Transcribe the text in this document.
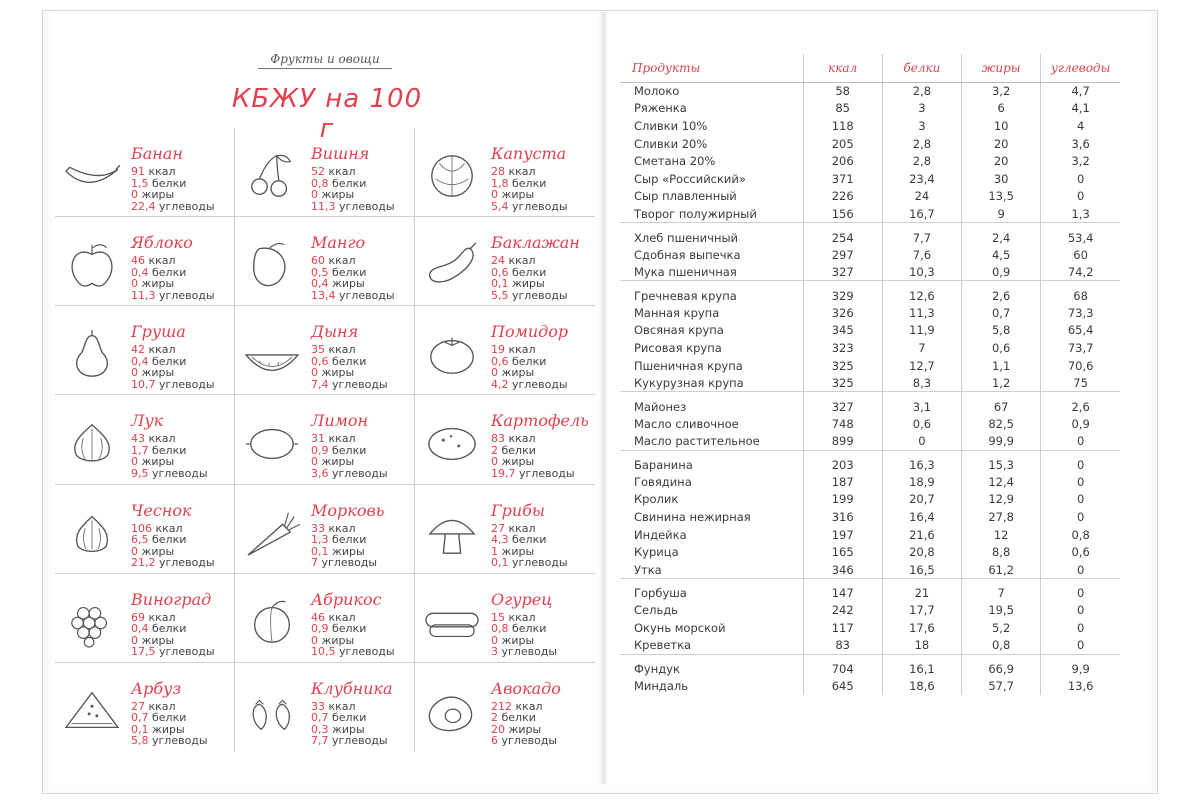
Фрукты и овощи
КБЖУ на 100 г
Банан
91 ккал
1,5 белки
0 жиры
22,4 углеводы
Вишня
52 ккал
0,8 белки
0 жиры
11,3 углеводы
Капуста
28 ккал
1,8 белки
0 жиры
5,4 углеводы
Яблоко
46 ккал
0,4 белки
0 жиры
11,3 углеводы
Манго
60 ккал
0,5 белки
0,4 жиры
13,4 углеводы
Баклажан
24 ккал
0,6 белки
0,1 жиры
5,5 углеводы
Груша
42 ккал
0,4 белки
0 жиры
10,7 углеводы
Дыня
35 ккал
0,6 белки
0 жиры
7,4 углеводы
Помидор
19 ккал
0,6 белки
0 жиры
4,2 углеводы
Лук
43 ккал
1,7 белки
0 жиры
9,5 углеводы
Лимон
31 ккал
0,9 белки
0 жиры
3,6 углеводы
Картофель
83 ккал
2 белки
0 жиры
19,7 углеводы
Чеснок
106 ккал
6,5 белки
0 жиры
21,2 углеводы
Морковь
33 ккал
1,3 белки
0,1 жиры
7 углеводы
Грибы
27 ккал
4,3 белки
1 жиры
0,1 углеводы
Виноград
69 ккал
0,4 белки
0 жиры
17,5 углеводы
Абрикос
46 ккал
0,9 белки
0 жиры
10,5 углеводы
Огурец
15 ккал
0,8 белки
0 жиры
3 углеводы
Арбуз
27 ккал
0,7 белки
0,1 жиры
5,8 углеводы
Клубника
33 ккал
0,7 белки
0,3 жиры
7,7 углеводы
Авокадо
212 ккал
2 белки
20 жиры
6 углеводы
Продукты	ккал	белки	жиры	углеводы
Молоко	58	2,8	3,2	4,7
Ряженка	85	3	6	4,1
Сливки 10%	118	3	10	4
Сливки 20%	205	2,8	20	3,6
Сметана 20%	206	2,8	20	3,2
Сыр «Российский»	371	23,4	30	0
Сыр плавленный	226	24	13,5	0
Творог полужирный	156	16,7	9	1,3
Хлеб пшеничный	254	7,7	2,4	53,4
Сдобная выпечка	297	7,6	4,5	60
Мука пшеничная	327	10,3	0,9	74,2
Гречневая крупа	329	12,6	2,6	68
Манная крупа	326	11,3	0,7	73,3
Овсяная крупа	345	11,9	5,8	65,4
Рисовая крупа	323	7	0,6	73,7
Пшеничная крупа	325	12,7	1,1	70,6
Кукурузная крупа	325	8,3	1,2	75
Майонез	327	3,1	67	2,6
Масло сливочное	748	0,6	82,5	0,9
Масло растительное	899	0	99,9	0
Баранина	203	16,3	15,3	0
Говядина	187	18,9	12,4	0
Кролик	199	20,7	12,9	0
Свинина нежирная	316	16,4	27,8	0
Индейка	197	21,6	12	0,8
Курица	165	20,8	8,8	0,6
Утка	346	16,5	61,2	0
Горбуша	147	21	7	0
Сельдь	242	17,7	19,5	0
Окунь морской	117	17,6	5,2	0
Креветка	83	18	0,8	0
Фундук	704	16,1	66,9	9,9
Миндаль	645	18,6	57,7	13,6
